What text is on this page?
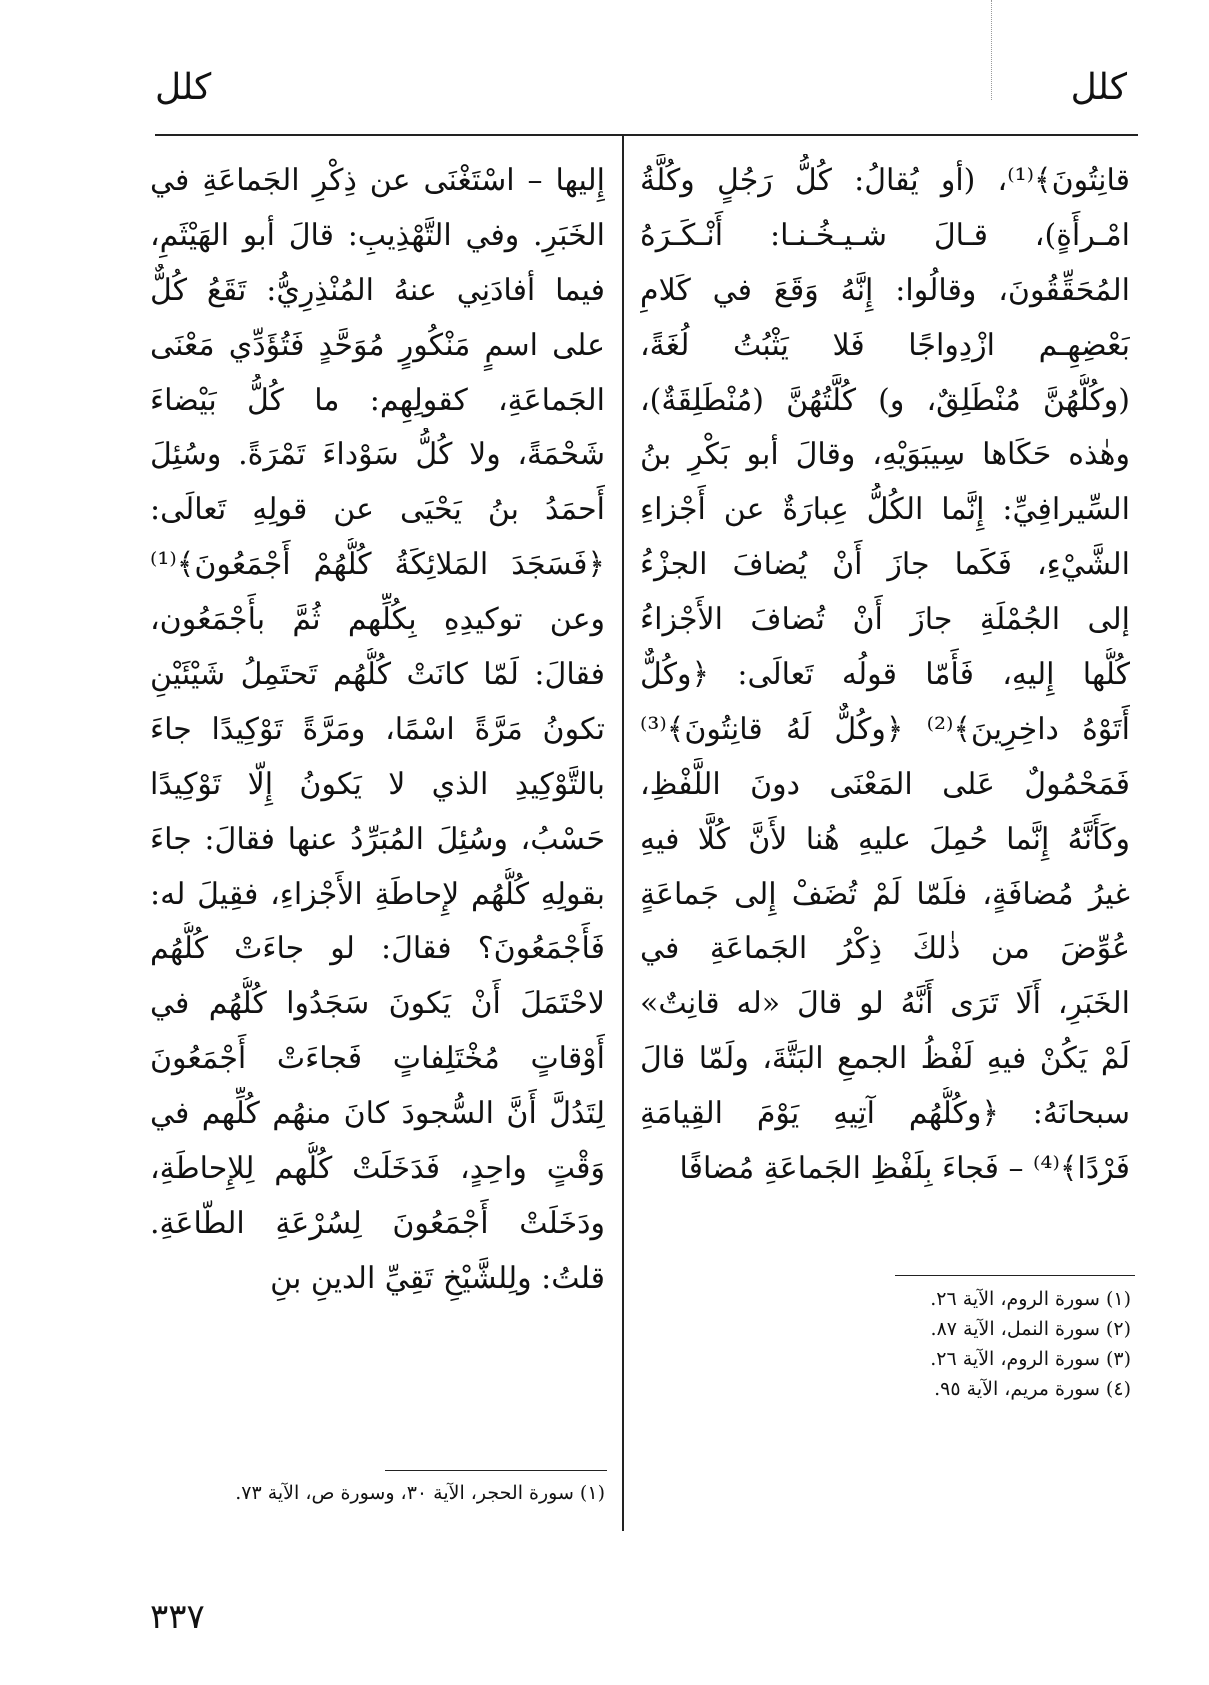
كلل
كلل
قانِتُونَ﴾⁽¹⁾، (أو يُقالُ: كُلُّ رَجُلٍ وكُلَّةُ
امْـرأَةٍ)، قـالَ شـيـخُـنـا: أَنْـكَـرَهُ
المُحَقِّقُونَ، وقالُوا: إِنَّهُ وَقَعَ في كَلامِ
بَعْضِهِـم ازْدِواجًا فَلا يَثْبُتُ لُغَةً،
(وكُلُّهُنَّ مُنْطَلِقٌ، و) كُلَّتُهُنَّ (مُنْطَلِقَةٌ)،
وهٰذه حَكَاها سِيبَوَيْهِ، وقالَ أبو بَكْرِ بنُ
السِّيرافِيِّ: إِنَّما الكُلُّ عِبارَةٌ عن أَجْزاءِ
الشَّيْءِ، فَكَما جازَ أَنْ يُضافَ الجزْءُ
إلى الجُمْلَةِ جازَ أَنْ تُضافَ الأَجْزاءُ
كُلُّها إِليهِ، فَأَمّا قولُه تَعالَى: ﴿وكُلٌّ
أَتَوْهُ داخِرِينَ﴾⁽²⁾ ﴿وكُلٌّ لَهُ قانِتُونَ﴾⁽³⁾
فَمَحْمُولٌ عَلى المَعْنَى دونَ اللَّفْظِ،
وكَأَنَّهُ إِنَّما حُمِلَ عليهِ هُنا لأَنَّ كُلًّا فيهِ
غيرُ مُضافَةٍ، فلَمّا لَمْ تُضَفْ إِلى جَماعَةٍ
عُوِّضَ من ذٰلكَ ذِكْرُ الجَماعَةِ في
الخَبَرِ، أَلَا تَرَى أَنَّهُ لو قالَ «له قانِتٌ»
لَمْ يَكُنْ فيهِ لَفْظُ الجمعِ البَتَّةَ، ولَمّا قالَ
سبحانَهُ: ﴿وكُلُّهُم آتِيهِ يَوْمَ القِيامَةِ
فَرْدًا﴾⁽⁴⁾ – فَجاءَ بِلَفْظِ الجَماعَةِ مُضافًا
إِليها – اسْتَغْنَى عن ذِكْرِ الجَماعَةِ في
الخَبَرِ. وفي التَّهْذِيبِ: قالَ أبو الهَيْثَمِ،
فيما أفادَنِي عنهُ المُنْذِرِيُّ: تَقَعُ كُلٌّ
على اسمٍ مَنْكُورٍ مُوَحَّدٍ فَتُؤَدِّي مَعْنَى
الجَماعَةِ، كقولِهِم: ما كُلُّ بَيْضاءَ
شَحْمَةً، ولا كُلُّ سَوْداءَ تَمْرَةً. وسُئِلَ
أَحمَدُ بنُ يَحْيَى عن قولِهِ تَعالَى:
﴿فَسَجَدَ المَلائِكَةُ كُلُّهُمْ أَجْمَعُونَ﴾⁽¹⁾
وعن توكيدِهِ بِكُلِّهم ثُمَّ بأَجْمَعُون،
فقالَ: لَمّا كانَتْ كُلُّهُم تَحتَمِلُ شَيْئَيْنِ
تكونُ مَرَّةً اسْمًا، ومَرَّةً تَوْكِيدًا جاءَ
بالتَّوْكِيدِ الذي لا يَكونُ إِلّا تَوْكِيدًا
حَسْبُ، وسُئِلَ المُبَرِّدُ عنها فقالَ: جاءَ
بقولِهِ كُلُّهُم لإِحاطَةِ الأَجْزاءِ، فقِيلَ له:
فَأَجْمَعُونَ؟ فقالَ: لو جاءَتْ كُلُّهُم
لاحْتَمَلَ أَنْ يَكونَ سَجَدُوا كُلُّهُم في
أَوْقاتٍ مُخْتَلِفاتٍ فَجاءَتْ أَجْمَعُونَ
لِتَدُلَّ أَنَّ السُّجودَ كانَ منهُم كُلِّهم في
وَقْتٍ واحِدٍ، فَدَخَلَتْ كُلُّهم لِلإِحاطَةِ،
ودَخَلَتْ أَجْمَعُونَ لِسُرْعَةِ الطّاعَةِ.
قلتُ: ولِلشَّيْخِ تَقِيِّ الدينِ بنِ
(١) سورة الروم، الآية ٢٦.
(٢) سورة النمل، الآية ٨٧.
(٣) سورة الروم، الآية ٢٦.
(٤) سورة مريم، الآية ٩٥.
(١) سورة الحجر، الآية ٣٠، وسورة ص، الآية ٧٣.
٣٣٧
